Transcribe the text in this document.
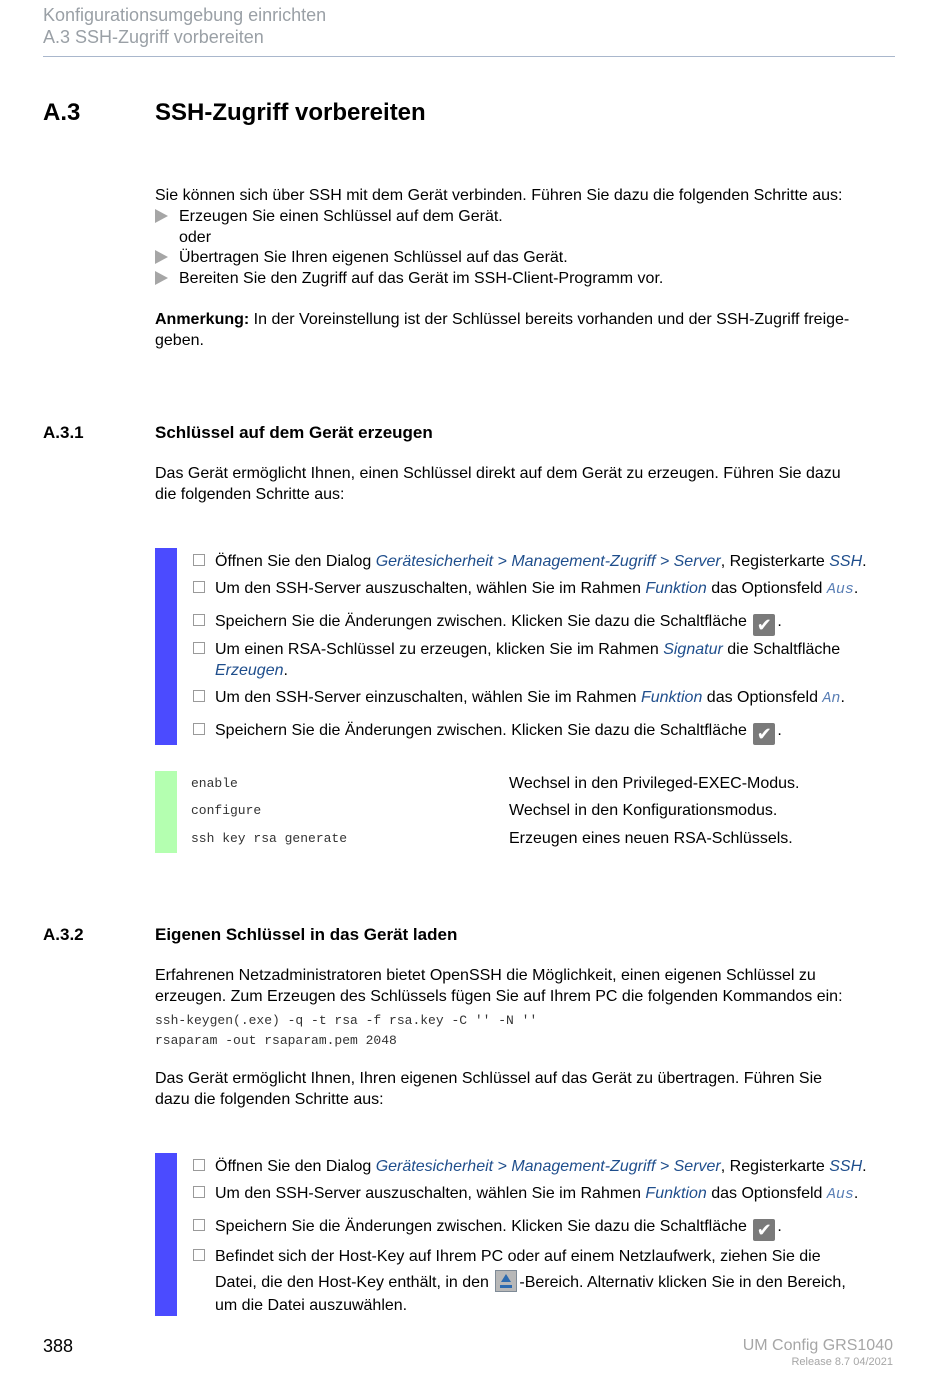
Konfigurationsumgebung einrichten
A.3 SSH-Zugriff vorbereiten
A.3	SSH-Zugriff vorbereiten
Sie können sich über SSH mit dem Gerät verbinden. Führen Sie dazu die folgenden Schritte aus:
Erzeugen Sie einen Schlüssel auf dem Gerät.
oder
Übertragen Sie Ihren eigenen Schlüssel auf das Gerät.
Bereiten Sie den Zugriff auf das Gerät im SSH-Client-Programm vor.
Anmerkung: In der Voreinstellung ist der Schlüssel bereits vorhanden und der SSH-Zugriff freige-
geben.
A.3.1	Schlüssel auf dem Gerät erzeugen
Das Gerät ermöglicht Ihnen, einen Schlüssel direkt auf dem Gerät zu erzeugen. Führen Sie dazu
die folgenden Schritte aus:
Öffnen Sie den Dialog Gerätesicherheit > Management-Zugriff > Server, Registerkarte SSH.
Um den SSH-Server auszuschalten, wählen Sie im Rahmen Funktion das Optionsfeld Aus.
Speichern Sie die Änderungen zwischen. Klicken Sie dazu die Schaltfläche ✔ .
Um einen RSA-Schlüssel zu erzeugen, klicken Sie im Rahmen Signatur die Schaltfläche
Erzeugen.
Um den SSH-Server einzuschalten, wählen Sie im Rahmen Funktion das Optionsfeld An.
Speichern Sie die Änderungen zwischen. Klicken Sie dazu die Schaltfläche ✔ .
enable	Wechsel in den Privileged-EXEC-Modus.
configure	Wechsel in den Konfigurationsmodus.
ssh key rsa generate	Erzeugen eines neuen RSA-Schlüssels.
A.3.2	Eigenen Schlüssel in das Gerät laden
Erfahrenen Netzadministratoren bietet OpenSSH die Möglichkeit, einen eigenen Schlüssel zu
erzeugen. Zum Erzeugen des Schlüssels fügen Sie auf Ihrem PC die folgenden Kommandos ein:
ssh-keygen(.exe) -q -t rsa -f rsa.key -C '' -N ''
rsaparam -out rsaparam.pem 2048
Das Gerät ermöglicht Ihnen, Ihren eigenen Schlüssel auf das Gerät zu übertragen. Führen Sie
dazu die folgenden Schritte aus:
Öffnen Sie den Dialog Gerätesicherheit > Management-Zugriff > Server, Registerkarte SSH.
Um den SSH-Server auszuschalten, wählen Sie im Rahmen Funktion das Optionsfeld Aus.
Speichern Sie die Änderungen zwischen. Klicken Sie dazu die Schaltfläche ✔ .
Befindet sich der Host-Key auf Ihrem PC oder auf einem Netzlaufwerk, ziehen Sie die
Datei, die den Host-Key enthält, in den -Bereich. Alternativ klicken Sie in den Bereich,
um die Datei auszuwählen.
388	UM Config GRS1040
Release 8.7 04/2021
